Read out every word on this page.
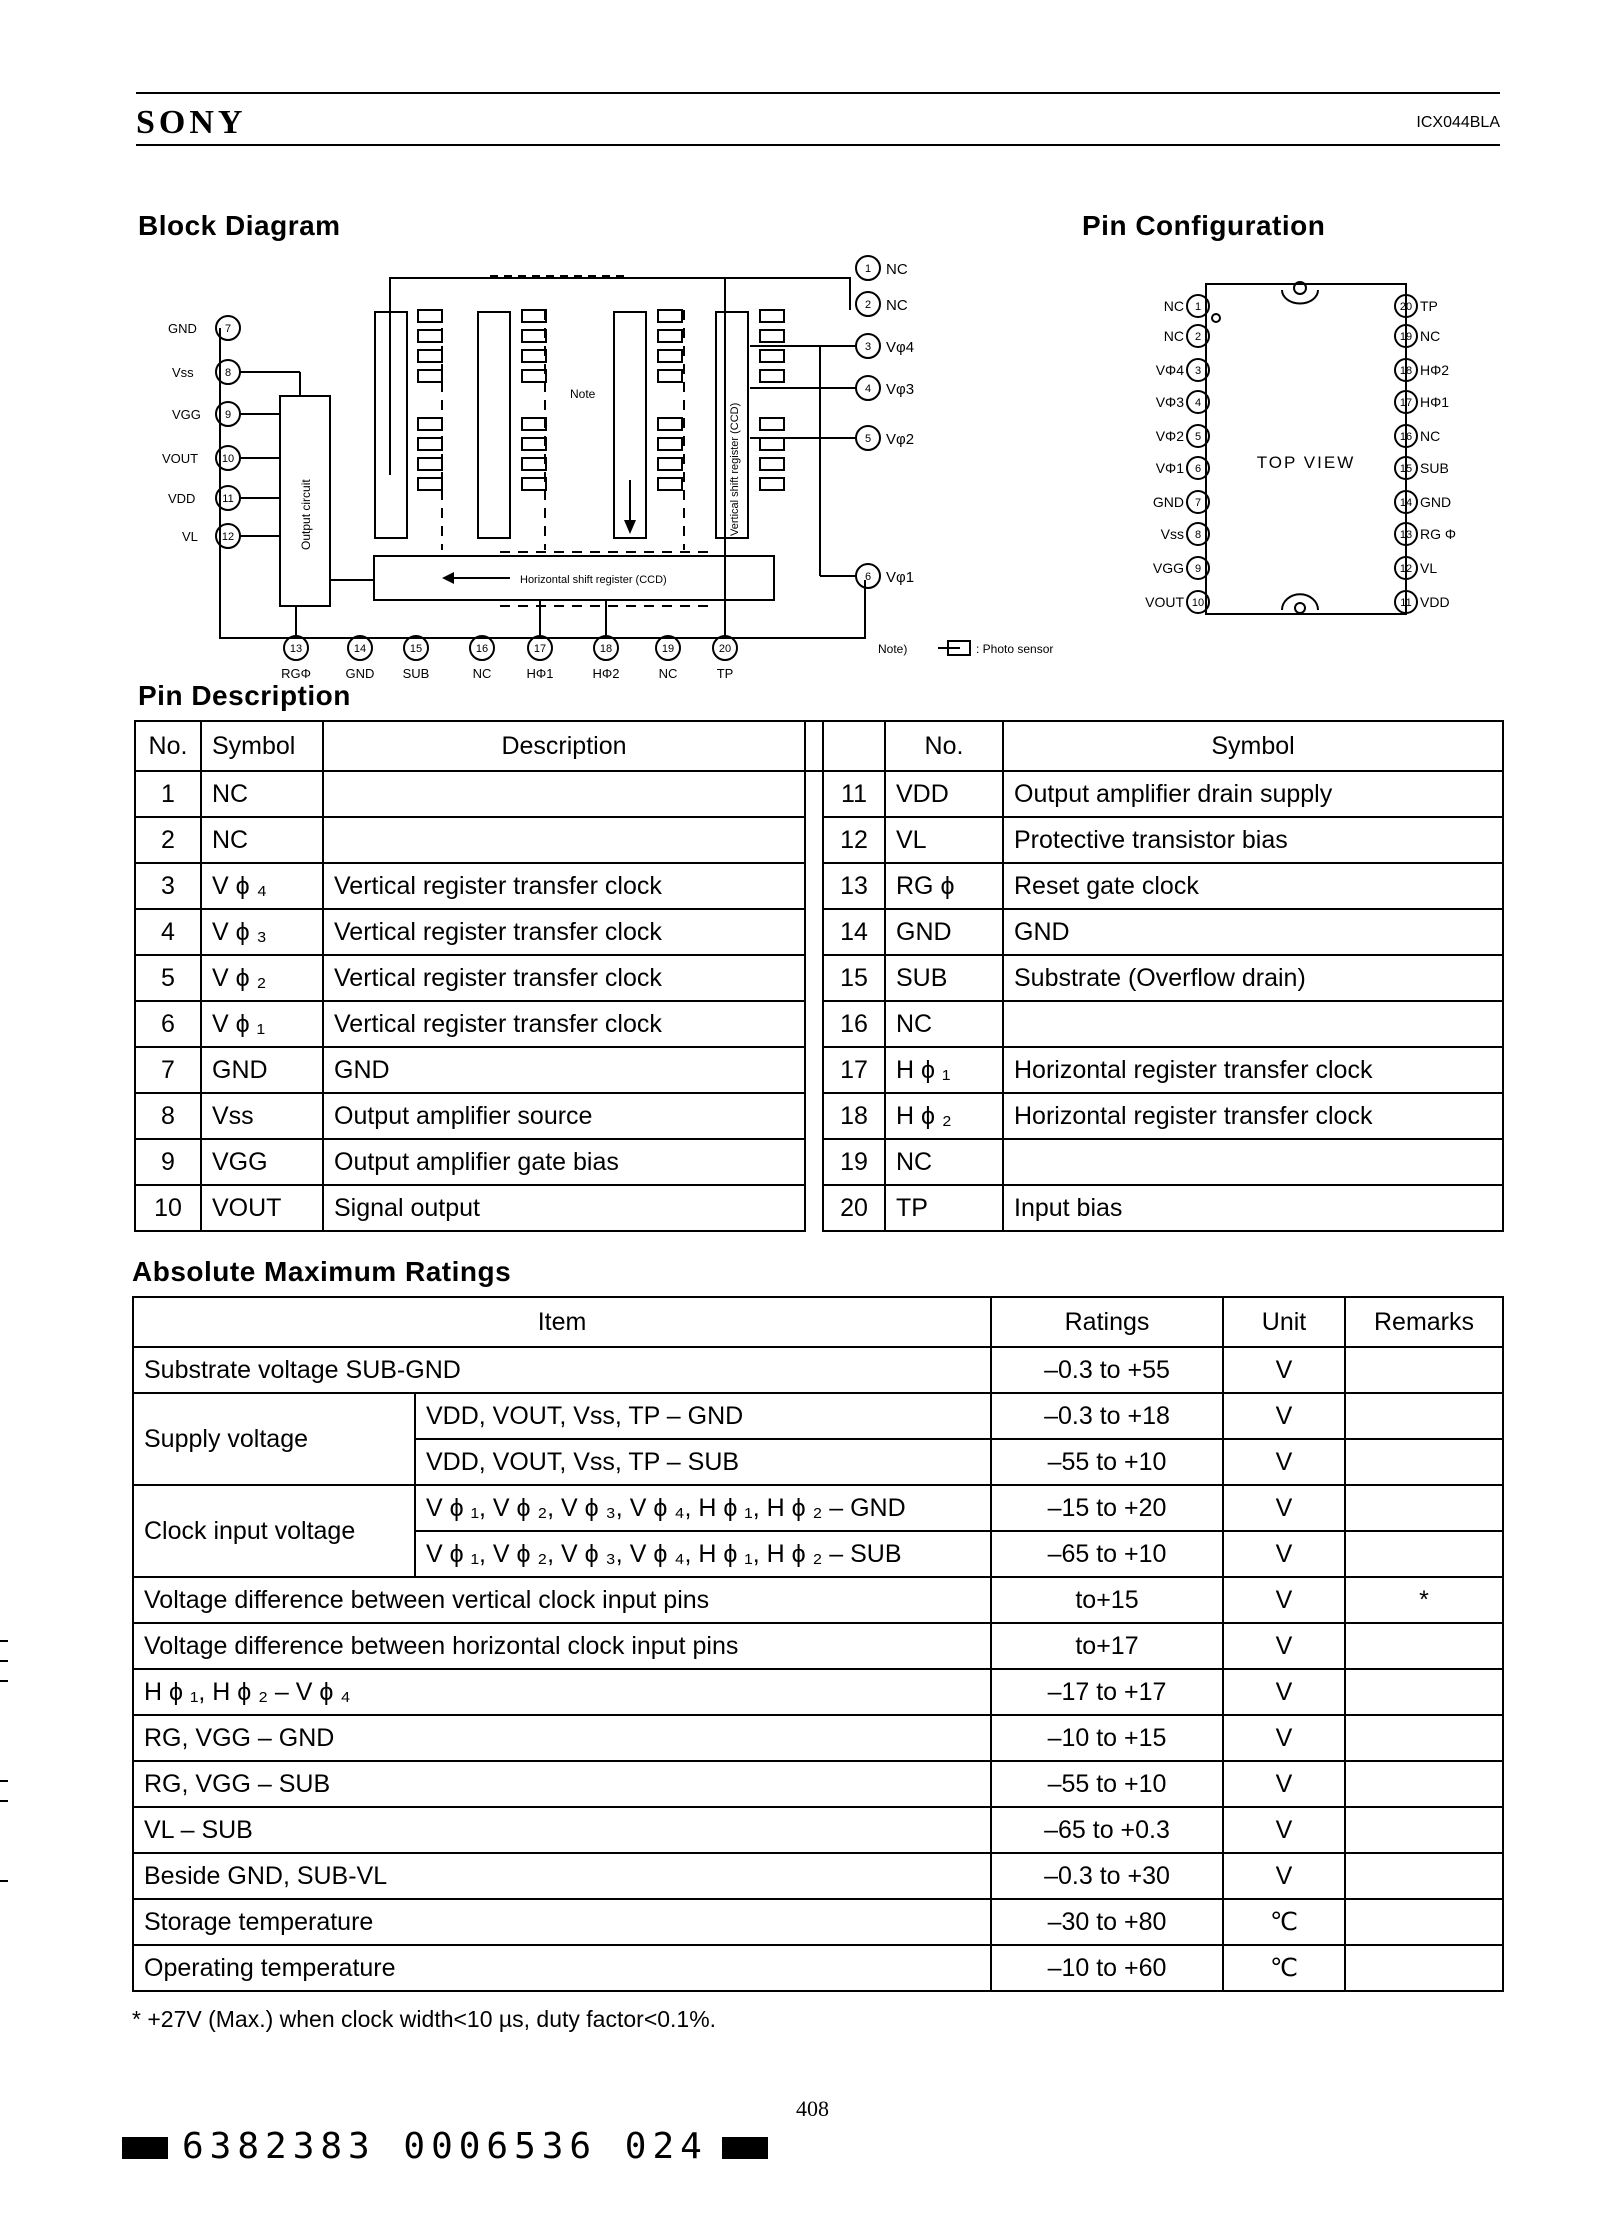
SONY	ICX044BLA
Block Diagram	Pin Configuration
GND
Vss
VGG
VOUT
VDD
VL
7
8
9
10
11
12
1
2
3
4
5
6
13	14	15	16	17	18	19	20
NC
NC
Vφ4
Vφ3
Vφ2
Vφ1
RGΦ	GND SUB	NC	HΦ1	HΦ2	NC	TP
Output circuit	Vertical shift register (CCD)
Horizontal shift register (CCD)
Note
Note)	: Photo sensor
1
2
3
4
5
6
7
8
9
10
20
19
18
17
16
15
14
13
12
11
NC
NC
VΦ4
VΦ3
VΦ2
VΦ1
GND
Vss
VGG
VOUT
TP
NC
HΦ2
HΦ1
NC
SUB
GND
RG Φ
VL
VDD
TOP VIEW
Pin Description
No.	Symbol	Description			No.	Symbol
1	NC			11	VDD	Output amplifier drain supply
2	NC			12	VL	Protective transistor bias
3	V ϕ ₄	Vertical register transfer clock		13	RG ϕ	Reset gate clock
4	V ϕ ₃	Vertical register transfer clock		14	GND	GND
5	V ϕ ₂	Vertical register transfer clock		15	SUB	Substrate (Overflow drain)
6	V ϕ ₁	Vertical register transfer clock		16	NC	
7	GND	GND		17	H ϕ ₁	Horizontal register transfer clock
8	Vss	Output amplifier source		18	H ϕ ₂	Horizontal register transfer clock
9	VGG	Output amplifier gate bias		19	NC	
10	VOUT	Signal output		20	TP	Input bias
Absolute Maximum Ratings
Item		Ratings	Unit	Remarks
Substrate voltage SUB-GND		–0.3 to +55	V	
Supply voltage	VDD, VOUT, Vss, TP – GND	–0.3 to +18	V	
	VDD, VOUT, Vss, TP – SUB	–55 to +10	V	
Clock input voltage	V ϕ ₁, V ϕ ₂, V ϕ ₃, V ϕ ₄, H ϕ ₁, H ϕ ₂ – GND	–15 to +20	V	
	V ϕ ₁, V ϕ ₂, V ϕ ₃, V ϕ ₄, H ϕ ₁, H ϕ ₂ – SUB	–65 to +10	V	
Voltage difference between vertical clock input pins		to+15	V	*
Voltage difference between horizontal clock input pins		to+17	V	
H ϕ ₁, H ϕ ₂ – V ϕ ₄		–17 to +17	V	
RG, VGG – GND		–10 to +15	V	
RG, VGG – SUB		–55 to +10	V	
VL – SUB		–65 to +0.3	V	
Beside GND, SUB-VL		–0.3 to +30	V	
Storage temperature		–30 to +80	℃	
Operating temperature		–10 to +60	℃	
* +27V (Max.) when clock width<10 µs, duty factor<0.1%.
408
6382383 0006536 024
